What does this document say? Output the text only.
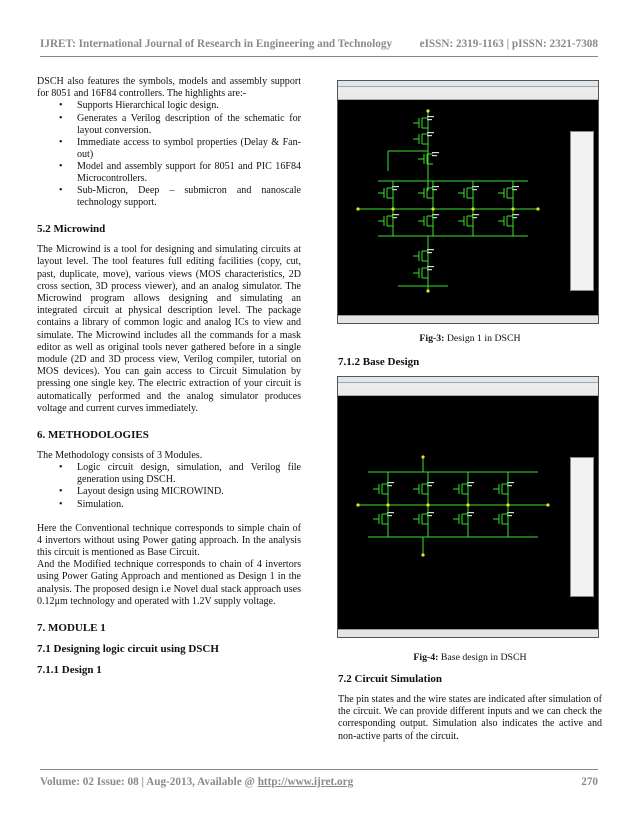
IJRET: International Journal of Research in Engineering and Technology eISSN: 2319-1163 | pISSN: 2321-7308

DSCH also features the symbols, models and assembly support for 8051 and 16F84 controllers. The highlights are:-

• Supports Hierarchical logic design.
• Generates a Verilog description of the schematic for layout conversion.
• Immediate access to symbol properties (Delay & Fan-out)
• Model and assembly support for 8051 and PIC 16F84 Microcontrollers.
• Sub-Micron, Deep – submicron and nanoscale technology support.
5.2 Microwind

The Microwind is a tool for designing and simulating circuits at layout level. The tool features full editing facilities (copy, cut, past, duplicate, move), various views (MOS characteristics, 2D cross section, 3D process viewer), and an analog simulator. The Microwind program allows designing and simulating an integrated circuit at physical description level. The package contains a library of common logic and analog ICs to view and simulate. The Microwind includes all the commands for a mask editor as well as original tools never gathered before in a single module (2D and 3D process view, Verilog compiler, tutorial on MOS devices). You can gain access to Circuit Simulation by pressing one single key. The electric extraction of your circuit is automatically performed and the analog simulator produces voltage and current curves immediately.

6. METHODOLOGIES

The Methodology consists of 3 Modules.

• Logic circuit design, simulation, and Verilog file generation using DSCH.
• Layout design using MICROWIND.
• Simulation.

Here the Conventional technique corresponds to simple chain of 4 invertors without using Power gating approach. In the analysis this circuit is mentioned as Base Circuit.

And the Modified technique corresponds to chain of 4 invertors using Power Gating Approach and mentioned as Design 1 in the analysis. The proposed design i.e Novel dual stack approach uses 0.12μm technology and operated with 1.2V supply voltage.

7. MODULE 1
7.1 Designing logic circuit using DSCH
7.1.1 Design 1
Fig-3: Design 1 in DSCH
7.1.2 Base Design
Fig-4: Base design in DSCH
7.2 Circuit Simulation

The pin states and the wire states are indicated after simulation of the circuit. We can provide different inputs and we can check the corresponding output. Simulation also indicates the active and non-active parts of the circuit.

Volume: 02 Issue: 08 | Aug-2013, Available @ http://www.ijret.org	270
